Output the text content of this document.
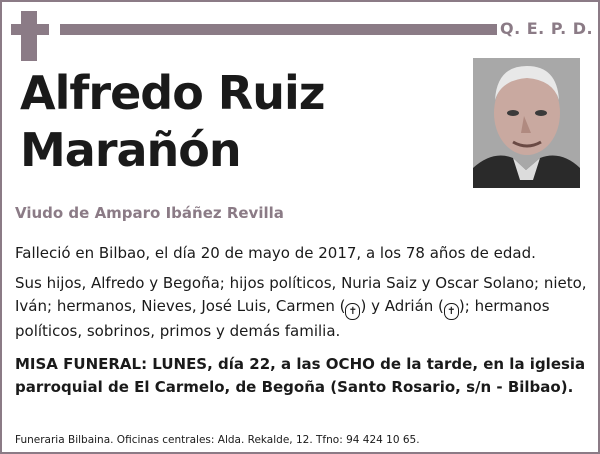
Q. E. P. D.
Alfredo Ruiz
Marañón
Viudo de Amparo Ibáñez Revilla

Falleció en Bilbao, el día 20 de mayo de 2017, a los 78 años de edad.

Sus hijos, Alfredo y Begoña; hijos políticos, Nuria Saiz y Oscar Solano; nieto, Iván; hermanos, Nieves, José Luis, Carmen ( ✝ ) y Adrián ( ✝ ); hermanos políticos, sobrinos, primos y demás familia.

MISA FUNERAL: LUNES, día 22, a las OCHO de la tarde, en la iglesia parroquial de El Carmelo, de Begoña (Santo Rosario, s/n - Bilbao).

Funeraria Bilbaina. Oficinas centrales: Alda. Rekalde, 12. Tfno: 94 424 10 65.
